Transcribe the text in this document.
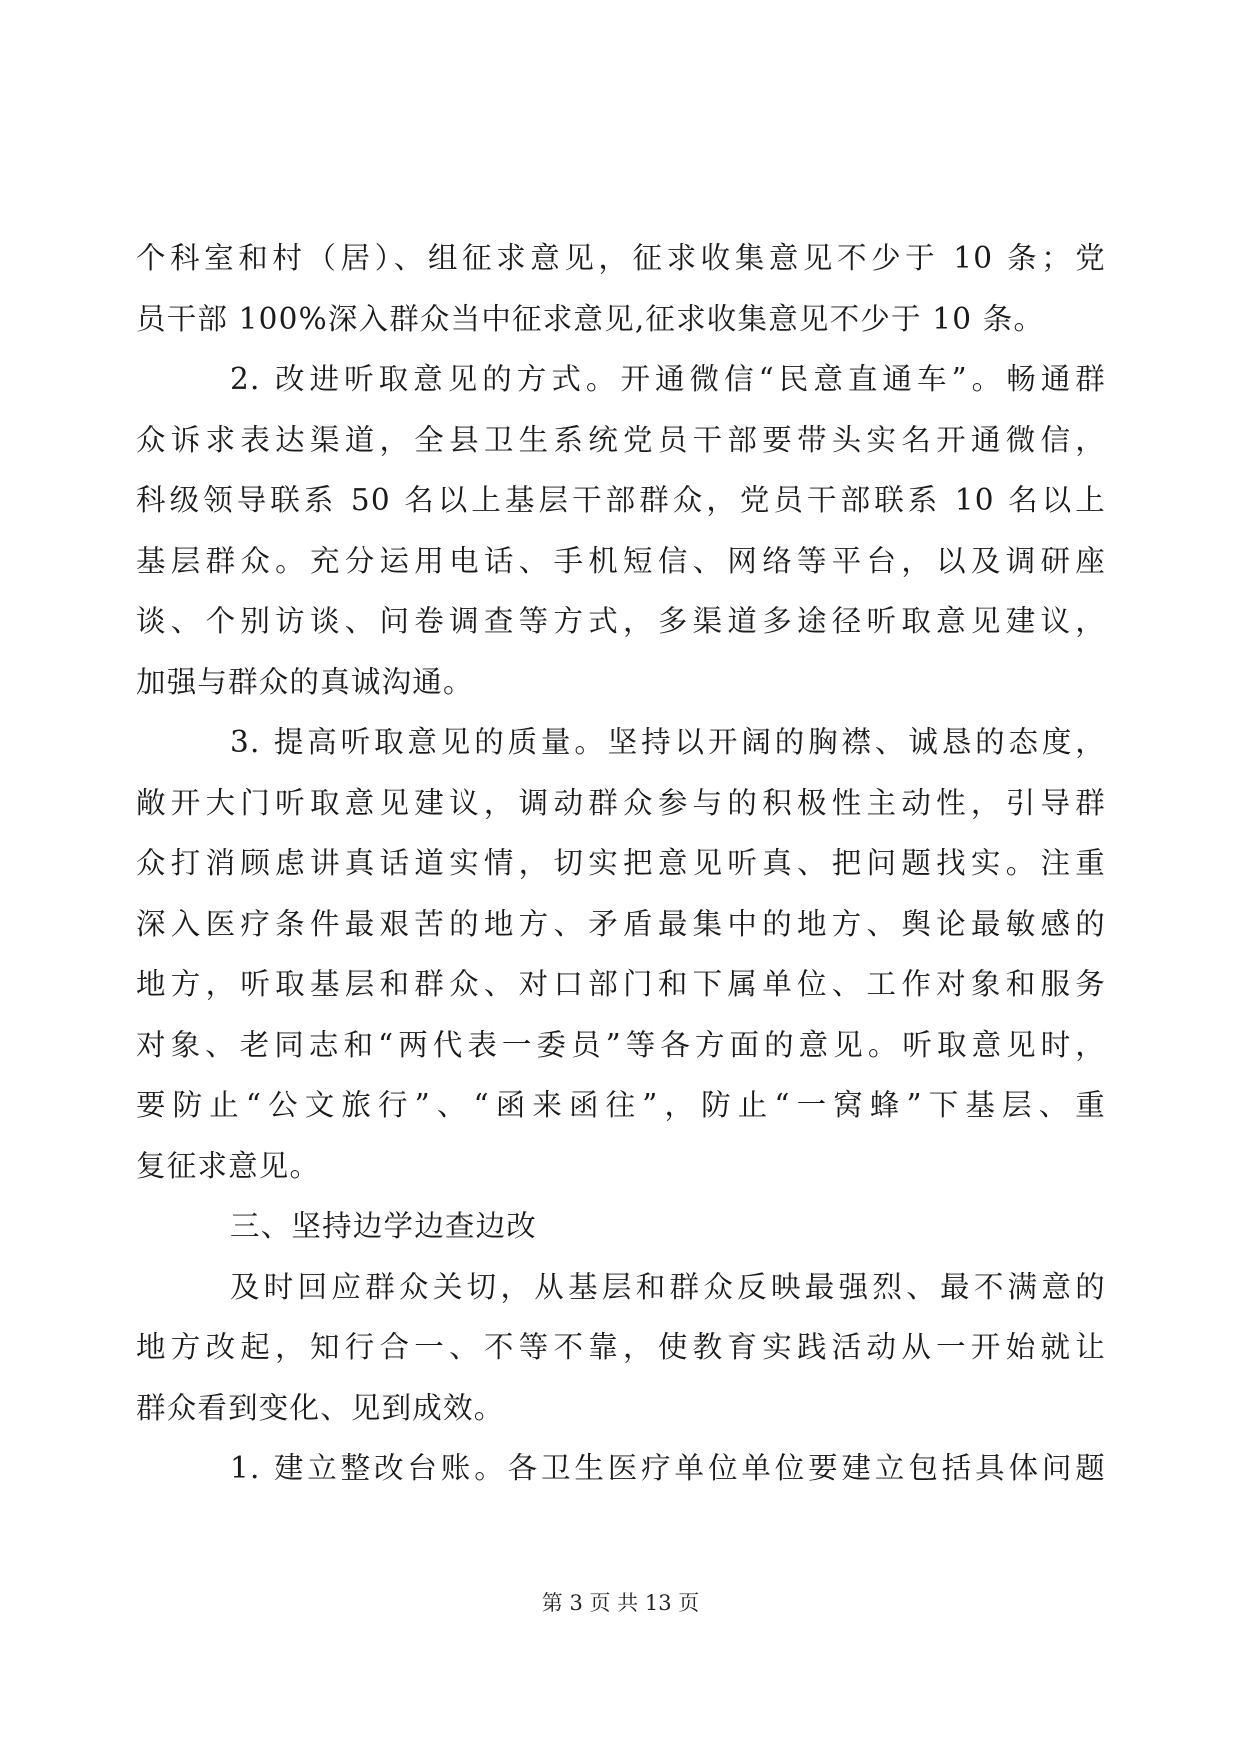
个科室和村（居）、组征求意见，征求收集意见不少于 10 条；党
员干部 100%深入群众当中征求意见,征求收集意见不少于 10 条。
2. 改进听取意见的方式。开通微信“民意直通车”。畅通群
众诉求表达渠道，全县卫生系统党员干部要带头实名开通微信，
科级领导联系 50 名以上基层干部群众，党员干部联系 10 名以上
基层群众。充分运用电话、手机短信、网络等平台，以及调研座
谈、个别访谈、问卷调查等方式，多渠道多途径听取意见建议，
加强与群众的真诚沟通。
3. 提高听取意见的质量。坚持以开阔的胸襟、诚恳的态度，
敞开大门听取意见建议，调动群众参与的积极性主动性，引导群
众打消顾虑讲真话道实情，切实把意见听真、把问题找实。注重
深入医疗条件最艰苦的地方、矛盾最集中的地方、舆论最敏感的
地方，听取基层和群众、对口部门和下属单位、工作对象和服务
对象、老同志和“两代表一委员”等各方面的意见。听取意见时，
要防止“公文旅行”、“函来函往”，防止“一窝蜂”下基层、重
复征求意见。
三、坚持边学边查边改
及时回应群众关切，从基层和群众反映最强烈、最不满意的
地方改起，知行合一、不等不靠，使教育实践活动从一开始就让
群众看到变化、见到成效。
1. 建立整改台账。各卫生医疗单位单位要建立包括具体问题
第 3 页 共 13 页
